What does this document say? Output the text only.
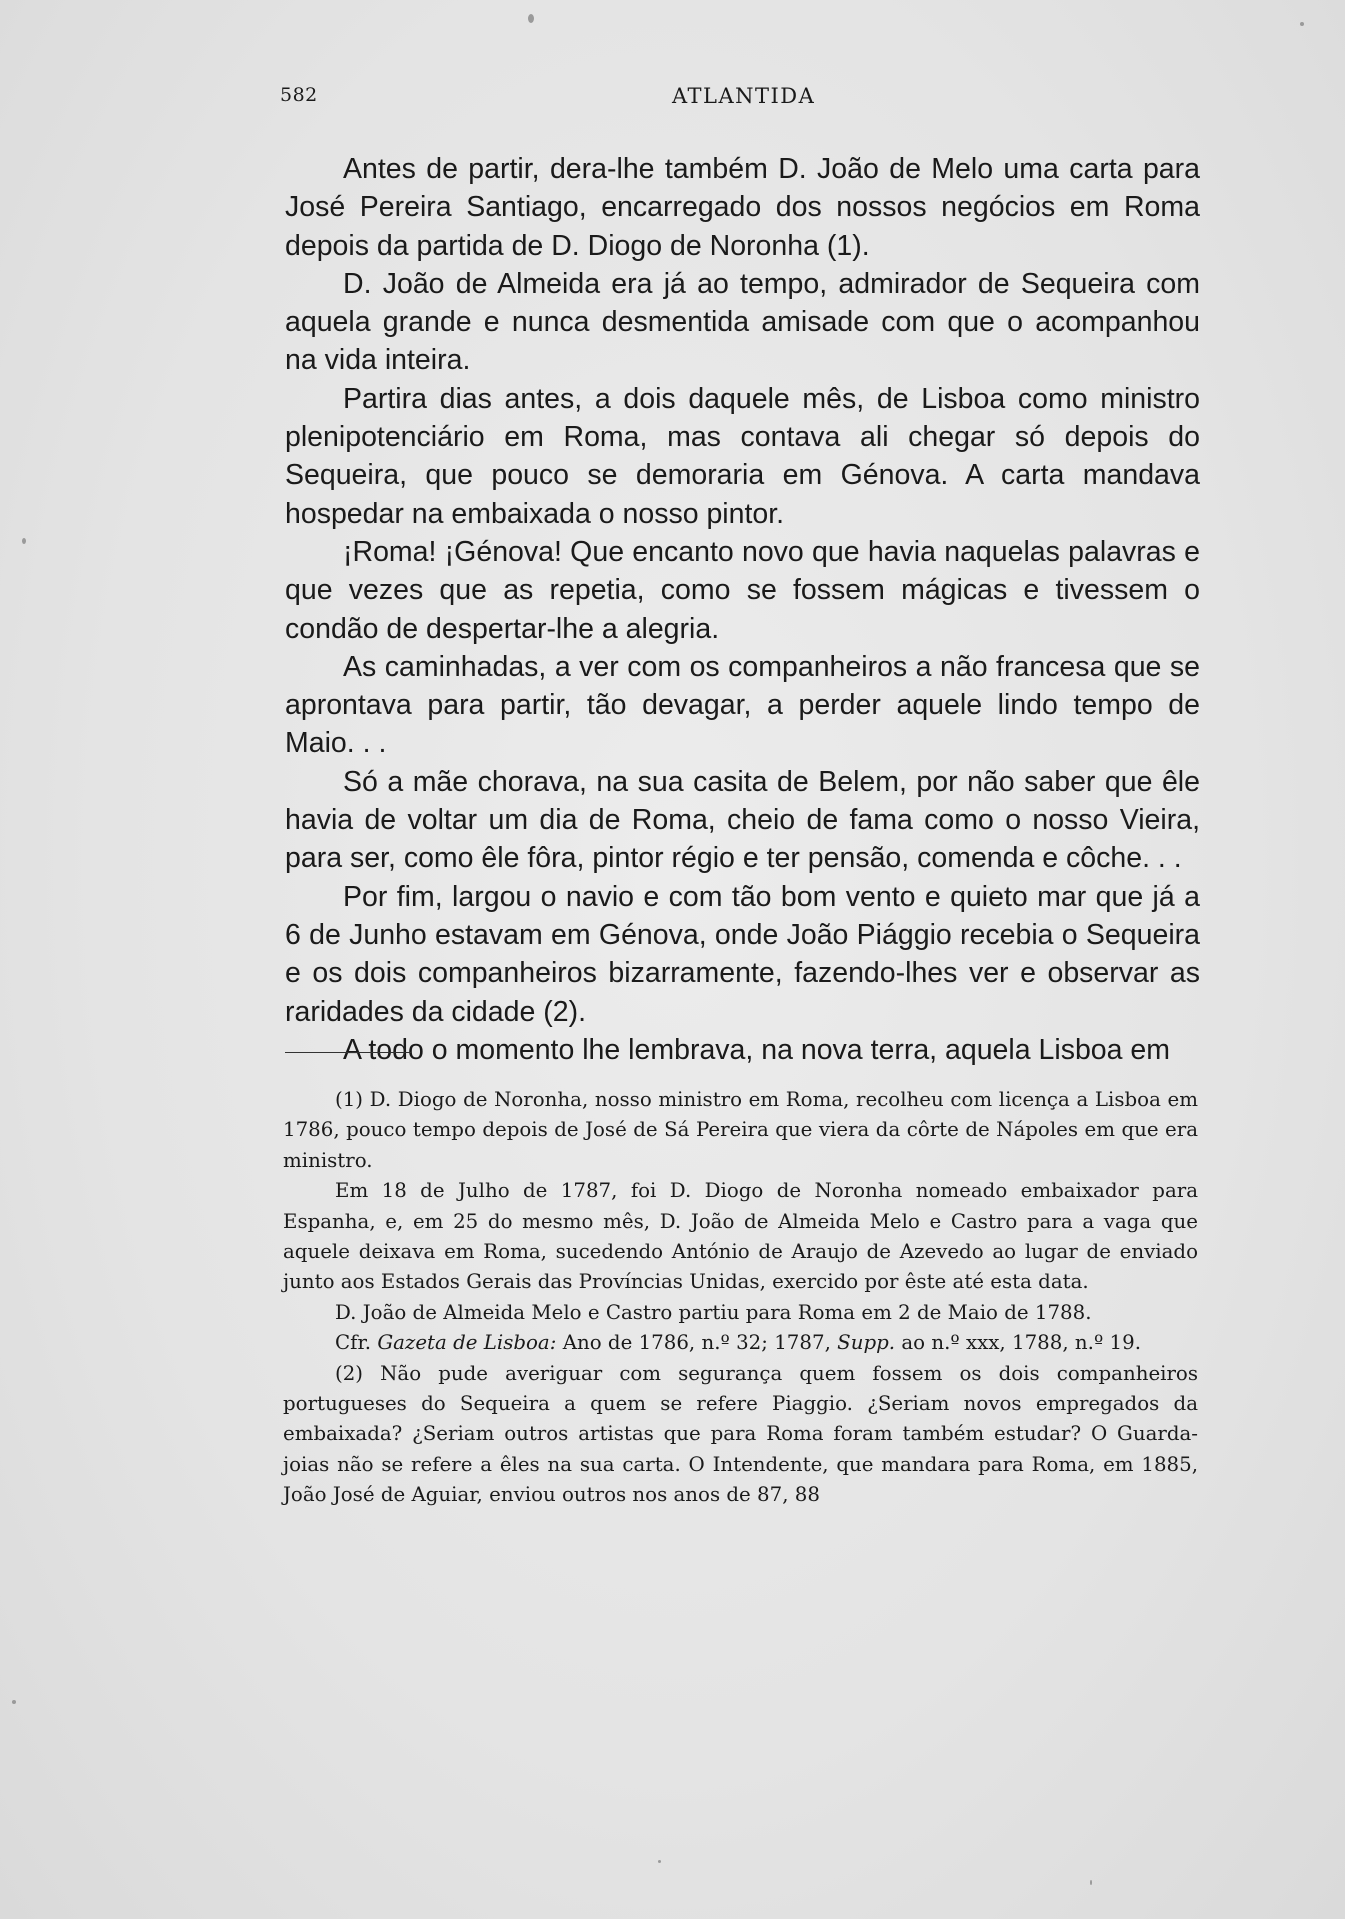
582	ATLANTIDA

Antes de partir, dera-lhe também D. João de Melo uma carta para José Pereira Santiago, encarregado dos nossos negócios em Roma depois da partida de D. Diogo de Noronha (1).

D. João de Almeida era já ao tempo, admirador de Sequeira com aquela grande e nunca desmentida amisade com que o acompanhou na vida inteira.

Partira dias antes, a dois daquele mês, de Lisboa como ministro plenipotenciário em Roma, mas contava ali chegar só depois do Sequeira, que pouco se demoraria em Génova. A carta mandava hospedar na embaixada o nosso pintor.

¡Roma! ¡Génova! Que encanto novo que havia naquelas palavras e que vezes que as repetia, como se fossem mágicas e tivessem o condão de despertar-lhe a alegria.

As caminhadas, a ver com os companheiros a não francesa que se aprontava para partir, tão devagar, a perder aquele lindo tempo de Maio. . .

Só a mãe chorava, na sua casita de Belem, por não saber que êle havia de voltar um dia de Roma, cheio de fama como o nosso Vieira, para ser, como êle fôra, pintor régio e ter pensão, comenda e côche. . .

Por fim, largou o navio e com tão bom vento e quieto mar que já a 6 de Junho estavam em Génova, onde João Piággio recebia o Sequeira e os dois companheiros bizarramente, fazendo-lhes ver e observar as raridades da cidade (2).

A todo o momento lhe lembrava, na nova terra, aquela Lisboa em

(1) D. Diogo de Noronha, nosso ministro em Roma, recolheu com licença a Lisboa em 1786, pouco tempo depois de José de Sá Pereira que viera da côrte de Nápoles em que era ministro.

Em 18 de Julho de 1787, foi D. Diogo de Noronha nomeado embaixador para Espanha, e, em 25 do mesmo mês, D. João de Almeida Melo e Castro para a vaga que aquele deixava em Roma, sucedendo António de Araujo de Azevedo ao lugar de enviado junto aos Estados Gerais das Províncias Unidas, exercido por êste até esta data.

D. João de Almeida Melo e Castro partiu para Roma em 2 de Maio de 1788.

Cfr. Gazeta de Lisboa: Ano de 1786, n.º 32; 1787, Supp. ao n.º xxx, 1788, n.º 19.

(2) Não pude averiguar com segurança quem fossem os dois companheiros portugueses do Sequeira a quem se refere Piaggio. ¿Seriam novos empregados da embaixada? ¿Seriam outros artistas que para Roma foram também estudar? O Guarda-joias não se refere a êles na sua carta. O Intendente, que mandara para Roma, em 1885, João José de Aguiar, enviou outros nos anos de 87, 88
